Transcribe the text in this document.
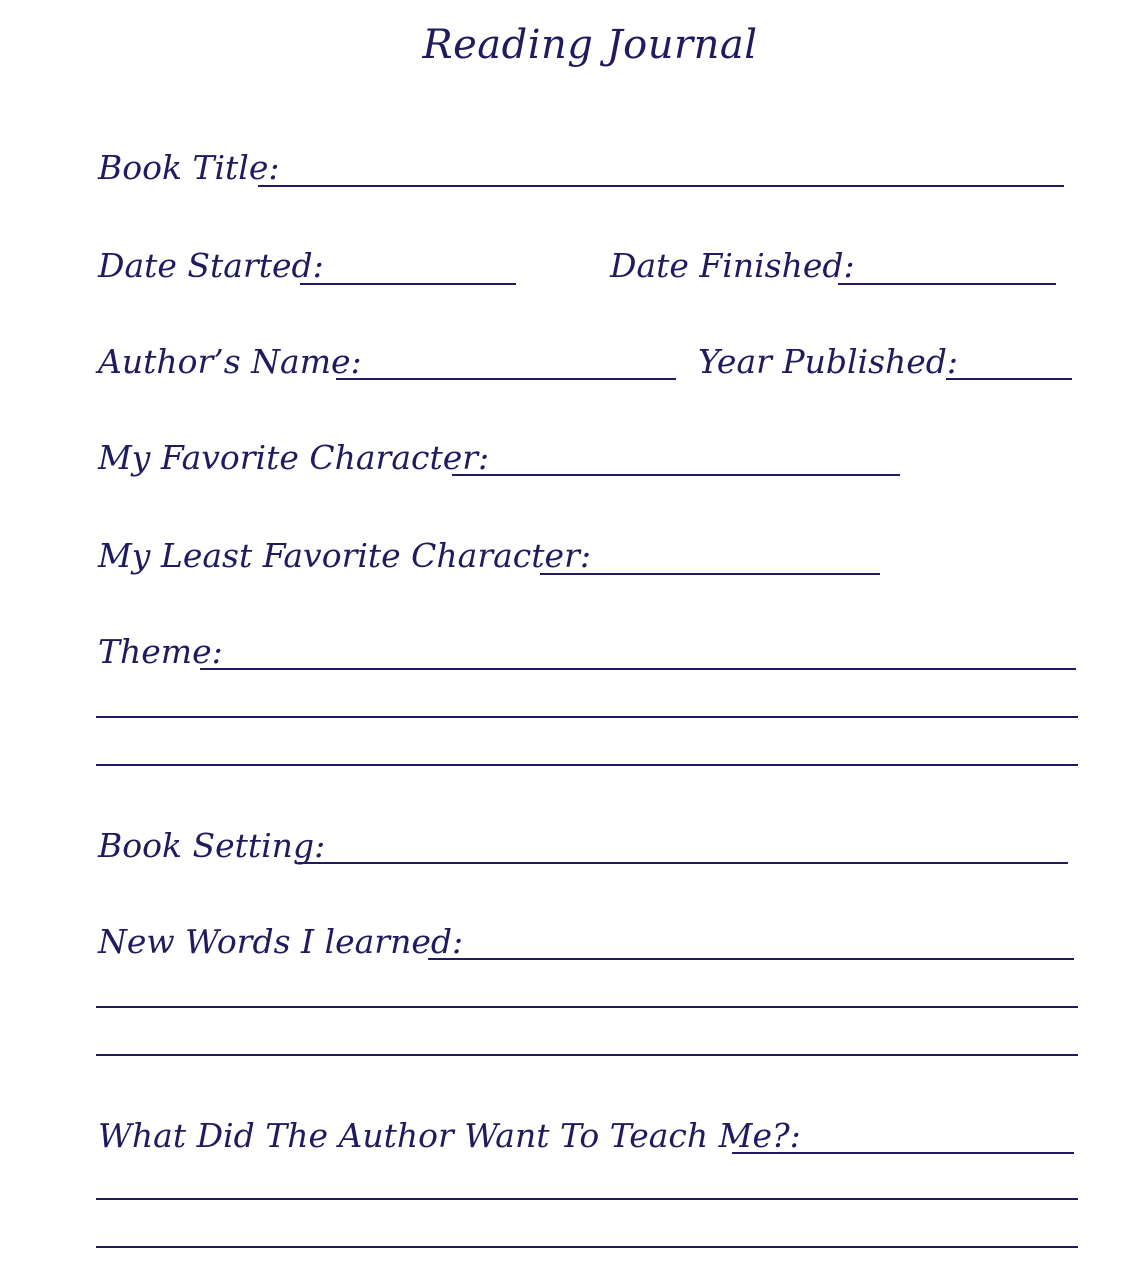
Reading Journal
Book Title:
Date Started:	Date Finished:
Author’s Name:	Year Published:
My Favorite Character:
My Least Favorite Character:
Theme:
Book Setting:
New Words I learned:
What Did The Author Want To Teach Me?:
